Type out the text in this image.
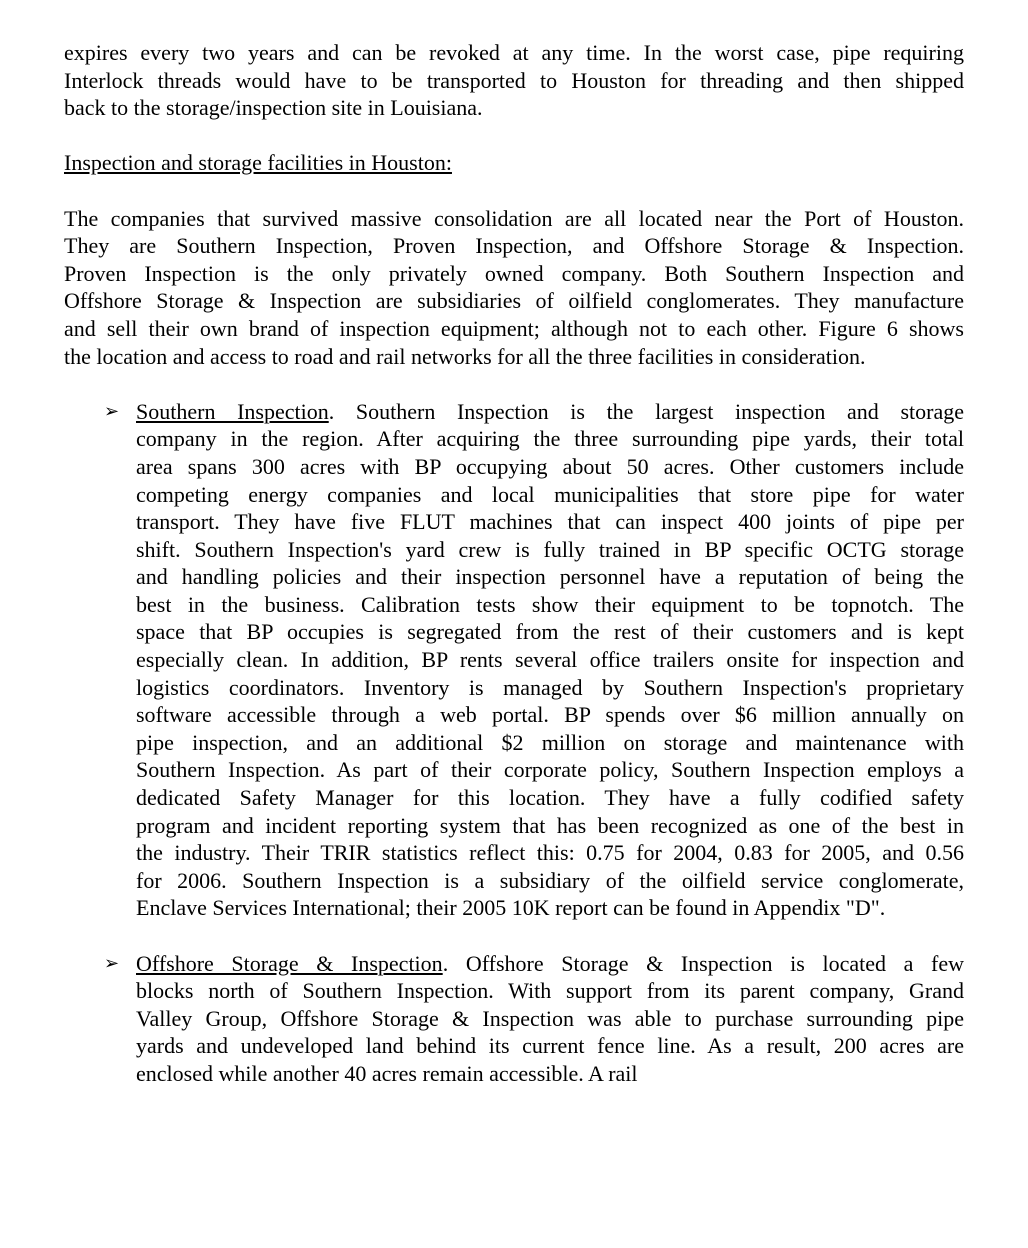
expires every two years and can be revoked at any time. In the worst case, pipe requiring
Interlock threads would have to be transported to Houston for threading and then shipped
back to the storage/inspection site in Louisiana.
Inspection and storage facilities in Houston:
The companies that survived massive consolidation are all located near the Port of Houston.
They are Southern Inspection, Proven Inspection, and Offshore Storage & Inspection.
Proven Inspection is the only privately owned company. Both Southern Inspection and
Offshore Storage & Inspection are subsidiaries of oilfield conglomerates. They manufacture
and sell their own brand of inspection equipment; although not to each other. Figure 6 shows
the location and access to road and rail networks for all the three facilities in consideration.
➢ Southern Inspection. Southern Inspection is the largest inspection and storage
company in the region. After acquiring the three surrounding pipe yards, their total
area spans 300 acres with BP occupying about 50 acres. Other customers include
competing energy companies and local municipalities that store pipe for water
transport. They have five FLUT machines that can inspect 400 joints of pipe per
shift. Southern Inspection's yard crew is fully trained in BP specific OCTG storage
and handling policies and their inspection personnel have a reputation of being the
best in the business. Calibration tests show their equipment to be topnotch. The
space that BP occupies is segregated from the rest of their customers and is kept
especially clean. In addition, BP rents several office trailers onsite for inspection and
logistics coordinators. Inventory is managed by Southern Inspection's proprietary
software accessible through a web portal. BP spends over $6 million annually on
pipe inspection, and an additional $2 million on storage and maintenance with
Southern Inspection. As part of their corporate policy, Southern Inspection employs a
dedicated Safety Manager for this location. They have a fully codified safety
program and incident reporting system that has been recognized as one of the best in
the industry. Their TRIR statistics reflect this: 0.75 for 2004, 0.83 for 2005, and 0.56
for 2006. Southern Inspection is a subsidiary of the oilfield service conglomerate,
Enclave Services International; their 2005 10K report can be found in Appendix "D".
➢ Offshore Storage & Inspection. Offshore Storage & Inspection is located a few
blocks north of Southern Inspection. With support from its parent company, Grand
Valley Group, Offshore Storage & Inspection was able to purchase surrounding pipe
yards and undeveloped land behind its current fence line. As a result, 200 acres are
enclosed while another 40 acres remain accessible. A rail
